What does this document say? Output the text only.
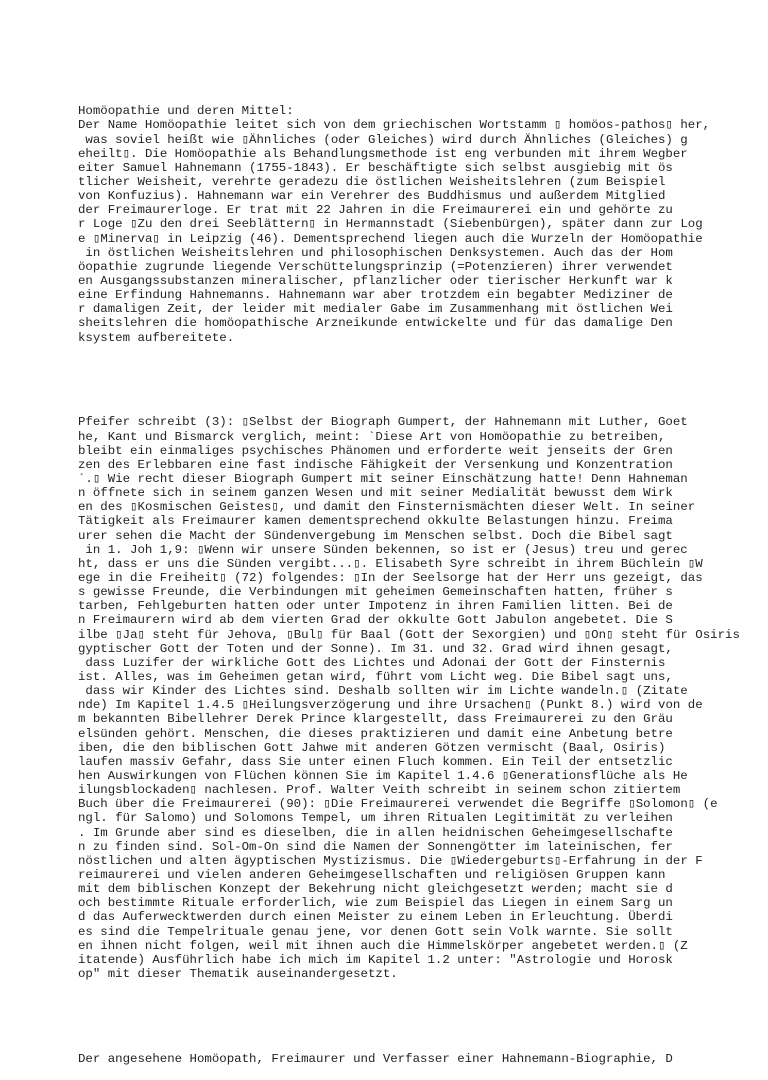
Homöopathie und deren Mittel:
Der Name Homöopathie leitet sich von dem griechischen Wortstamm ▯ homöos-pathos▯ her,
was soviel heißt wie ▯Ähnliches (oder Gleiches) wird durch Ähnliches (Gleiches) g
eheilt▯. Die Homöopathie als Behandlungsmethode ist eng verbunden mit ihrem Wegber
eiter Samuel Hahnemann (1755-1843). Er beschäftigte sich selbst ausgiebig mit ös
tlicher Weisheit, verehrte geradezu die östlichen Weisheitslehren (zum Beispiel
von Konfuzius). Hahnemann war ein Verehrer des Buddhismus und außerdem Mitglied
der Freimaurerloge. Er trat mit 22 Jahren in die Freimaurerei ein und gehörte zu
r Loge ▯Zu den drei Seeblättern▯ in Hermannstadt (Siebenbürgen), später dann zur Log
e ▯Minerva▯ in Leipzig (46). Dementsprechend liegen auch die Wurzeln der Homöopathie
in östlichen Weisheitslehren und philosophischen Denksystemen. Auch das der Hom
öopathie zugrunde liegende Verschüttelungsprinzip (=Potenzieren) ihrer verwendet
en Ausgangssubstanzen mineralischer, pflanzlicher oder tierischer Herkunft war k
eine Erfindung Hahnemanns. Hahnemann war aber trotzdem ein begabter Mediziner de
r damaligen Zeit, der leider mit medialer Gabe im Zusammenhang mit östlichen Wei
sheitslehren die homöopathische Arzneikunde entwickelte und für das damalige Den
ksystem aufbereitete.

Pfeifer schreibt (3): ▯Selbst der Biograph Gumpert, der Hahnemann mit Luther, Goet
he, Kant und Bismarck verglich, meint: `Diese Art von Homöopathie zu betreiben,
bleibt ein einmaliges psychisches Phänomen und erforderte weit jenseits der Gren
zen des Erlebbaren eine fast indische Fähigkeit der Versenkung und Konzentration
´.▯ Wie recht dieser Biograph Gumpert mit seiner Einschätzung hatte! Denn Hahneman
n öffnete sich in seinem ganzen Wesen und mit seiner Medialität bewusst dem Wirk
en des ▯Kosmischen Geistes▯, und damit den Finsternismächten dieser Welt. In seiner
Tätigkeit als Freimaurer kamen dementsprechend okkulte Belastungen hinzu. Freima
urer sehen die Macht der Sündenvergebung im Menschen selbst. Doch die Bibel sagt
in 1. Joh 1,9: ▯Wenn wir unsere Sünden bekennen, so ist er (Jesus) treu und gerec
ht, dass er uns die Sünden vergibt...▯. Elisabeth Syre schreibt in ihrem Büchlein ▯W
ege in die Freiheit▯ (72) folgendes: ▯In der Seelsorge hat der Herr uns gezeigt, das
s gewisse Freunde, die Verbindungen mit geheimen Gemeinschaften hatten, früher s
tarben, Fehlgeburten hatten oder unter Impotenz in ihren Familien litten. Bei de
n Freimaurern wird ab dem vierten Grad der okkulte Gott Jabulon angebetet. Die S
ilbe ▯Ja▯ steht für Jehova, ▯Bul▯ für Baal (Gott der Sexorgien) und ▯On▯ steht für Osiris
gyptischer Gott der Toten und der Sonne). Im 31. und 32. Grad wird ihnen gesagt,
dass Luzifer der wirkliche Gott des Lichtes und Adonai der Gott der Finsternis
ist. Alles, was im Geheimen getan wird, führt vom Licht weg. Die Bibel sagt uns,
dass wir Kinder des Lichtes sind. Deshalb sollten wir im Lichte wandeln.▯ (Zitate
nde) Im Kapitel 1.4.5 ▯Heilungsverzögerung und ihre Ursachen▯ (Punkt 8.) wird von de
m bekannten Bibellehrer Derek Prince klargestellt, dass Freimaurerei zu den Gräu
elsünden gehört. Menschen, die dieses praktizieren und damit eine Anbetung betre
iben, die den biblischen Gott Jahwe mit anderen Götzen vermischt (Baal, Osiris)
laufen massiv Gefahr, dass Sie unter einen Fluch kommen. Ein Teil der entsetzlic
hen Auswirkungen von Flüchen können Sie im Kapitel 1.4.6 ▯Generationsflüche als He
ilungsblockaden▯ nachlesen. Prof. Walter Veith schreibt in seinem schon zitiertem
Buch über die Freimaurerei (90): ▯Die Freimaurerei verwendet die Begriffe ▯Solomon▯ (e
ngl. für Salomo) und Solomons Tempel, um ihren Ritualen Legitimität zu verleihen
. Im Grunde aber sind es dieselben, die in allen heidnischen Geheimgesellschafte
n zu finden sind. Sol-Om-On sind die Namen der Sonnengötter im lateinischen, fer
nöstlichen und alten ägyptischen Mystizismus. Die ▯Wiedergeburts▯-Erfahrung in der F
reimaurerei und vielen anderen Geheimgesellschaften und religiösen Gruppen kann
mit dem biblischen Konzept der Bekehrung nicht gleichgesetzt werden; macht sie d
och bestimmte Rituale erforderlich, wie zum Beispiel das Liegen in einem Sarg un
d das Auferwecktwerden durch einen Meister zu einem Leben in Erleuchtung. Überdi
es sind die Tempelrituale genau jene, vor denen Gott sein Volk warnte. Sie sollt
en ihnen nicht folgen, weil mit ihnen auch die Himmelskörper angebetet werden.▯ (Z
itatende) Ausführlich habe ich mich im Kapitel 1.2 unter: "Astrologie und Horosk
op" mit dieser Thematik auseinandergesetzt.

Der angesehene Homöopath, Freimaurer und Verfasser einer Hahnemann-Biographie, D
